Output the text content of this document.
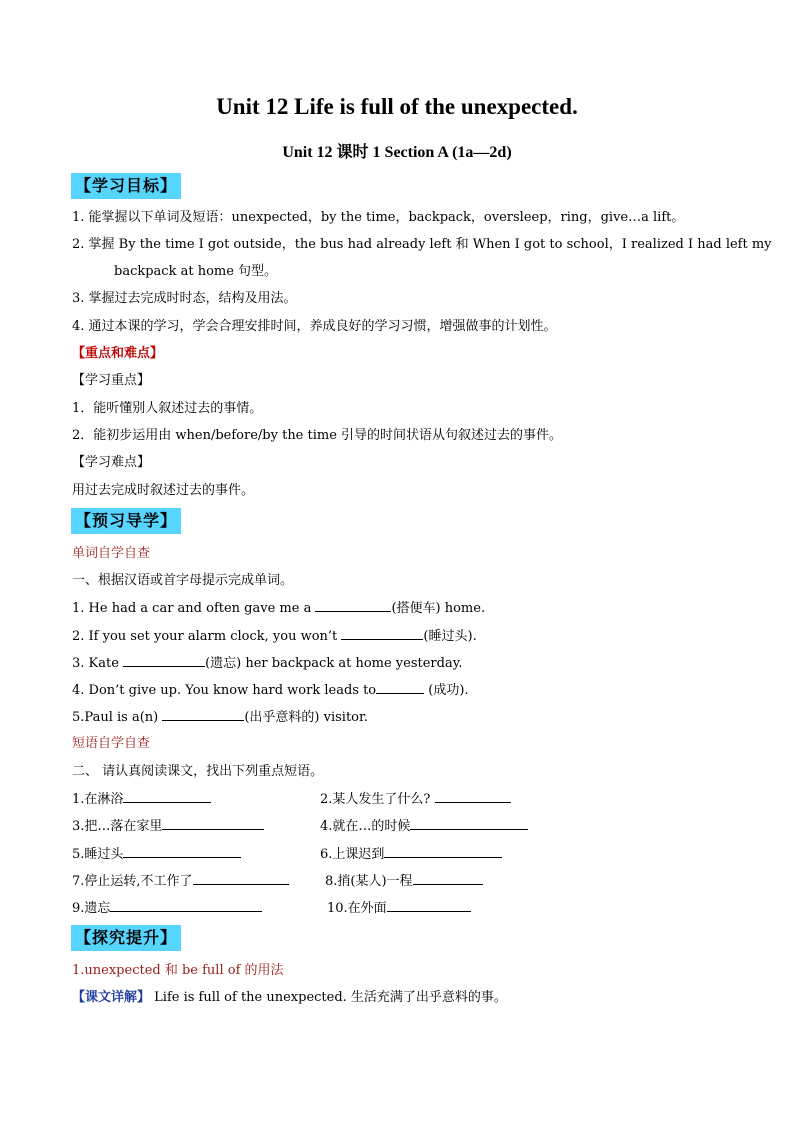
Unit 12 Life is full of the unexpected.
Unit 12 课时 1 Section A (1a—2d)
【学习目标】
1. 能掌握以下单词及短语：unexpected，by the time，backpack，oversleep，ring，give…a lift。
2. 掌握 By the time I got outside，the bus had already left 和 When I got to school，I realized I had left my
backpack at home 句型。
3. 掌握过去完成时时态，结构及用法。
4. 通过本课的学习，学会合理安排时间，养成良好的学习习惯，增强做事的计划性。
【重点和难点】
【学习重点】
1．能听懂别人叙述过去的事情。
2．能初步运用由 when/before/by the time 引导的时间状语从句叙述过去的事件。
【学习难点】
用过去完成时叙述过去的事件。
【预习导学】
单词自学自查
一、根据汉语或首字母提示完成单词。
1. He had a car and often gave me a	(搭便车) home.
2. If you set your alarm clock, you won’t	(睡过头).
3. Kate	(遗忘) her backpack at home yesterday.
4. Don’t give up. You know hard work leads to	(成功).
5.Paul is a(n)	(出乎意料的) visitor.
短语自学自查
二、 请认真阅读课文，找出下列重点短语。
1.在淋浴	2.某人发生了什么?
3.把…落在家里	4.就在…的时候
5.睡过头	6.上课迟到
7.停止运转,不工作了	8.捎(某人)一程
9.遗忘	10.在外面
【探究提升】
1.unexpected 和 be full of 的用法
【课文详解】 Life is full of the unexpected. 生活充满了出乎意料的事。
